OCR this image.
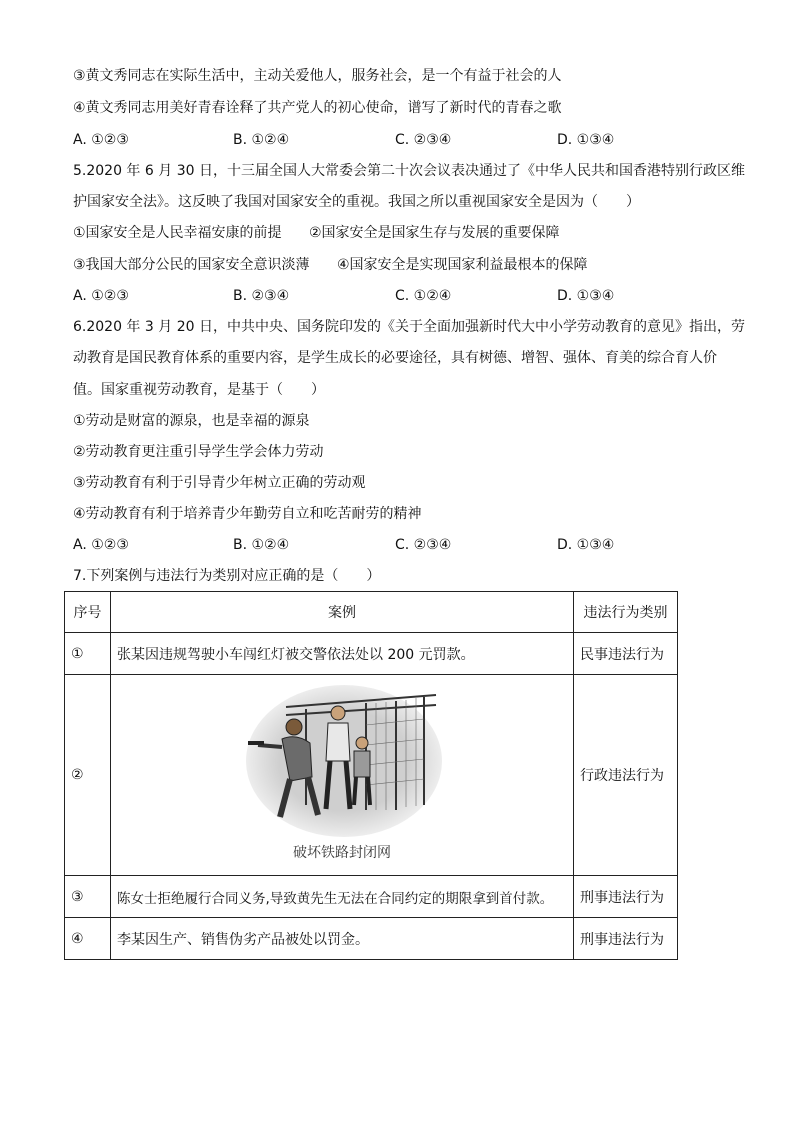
③黄文秀同志在实际生活中，主动关爱他人，服务社会，是一个有益于社会的人
④黄文秀同志用美好青春诠释了共产党人的初心使命，谱写了新时代的青春之歌
A. ①②③	B. ①②④	C. ②③④	D. ①③④
5.2020 年 6 月 30 日，十三届全国人大常委会第二十次会议表决通过了《中华人民共和国香港特别行政区维
护国家安全法》。这反映了我国对国家安全的重视。我国之所以重视国家安全是因为（　　）
①国家安全是人民幸福安康的前提 ②国家安全是国家生存与发展的重要保障
③我国大部分公民的国家安全意识淡薄 ④国家安全是实现国家利益最根本的保障
A. ①②③	B. ②③④	C. ①②④	D. ①③④
6.2020 年 3 月 20 日，中共中央、国务院印发的《关于全面加强新时代大中小学劳动教育的意见》指出，劳
动教育是国民教育体系的重要内容，是学生成长的必要途径，具有树德、增智、强体、育美的综合育人价
值。国家重视劳动教育，是基于（　　）
①劳动是财富的源泉，也是幸福的源泉
②劳动教育更注重引导学生学会体力劳动
③劳动教育有利于引导青少年树立正确的劳动观
④劳动教育有利于培养青少年勤劳自立和吃苦耐劳的精神
A. ①②③	B. ①②④	C. ②③④	D. ①③④
7.下列案例与违法行为类别对应正确的是（　　）
序号	案例	违法行为类别
①	张某因违规驾驶小车闯红灯被交警依法处以 200 元罚款。	民事违法行为
②	破坏铁路封闭网	行政违法行为
③	陈女士拒绝履行合同义务,导致黄先生无法在合同约定的期限拿到首付款。	刑事违法行为
④	李某因生产、销售伪劣产品被处以罚金。	刑事违法行为
